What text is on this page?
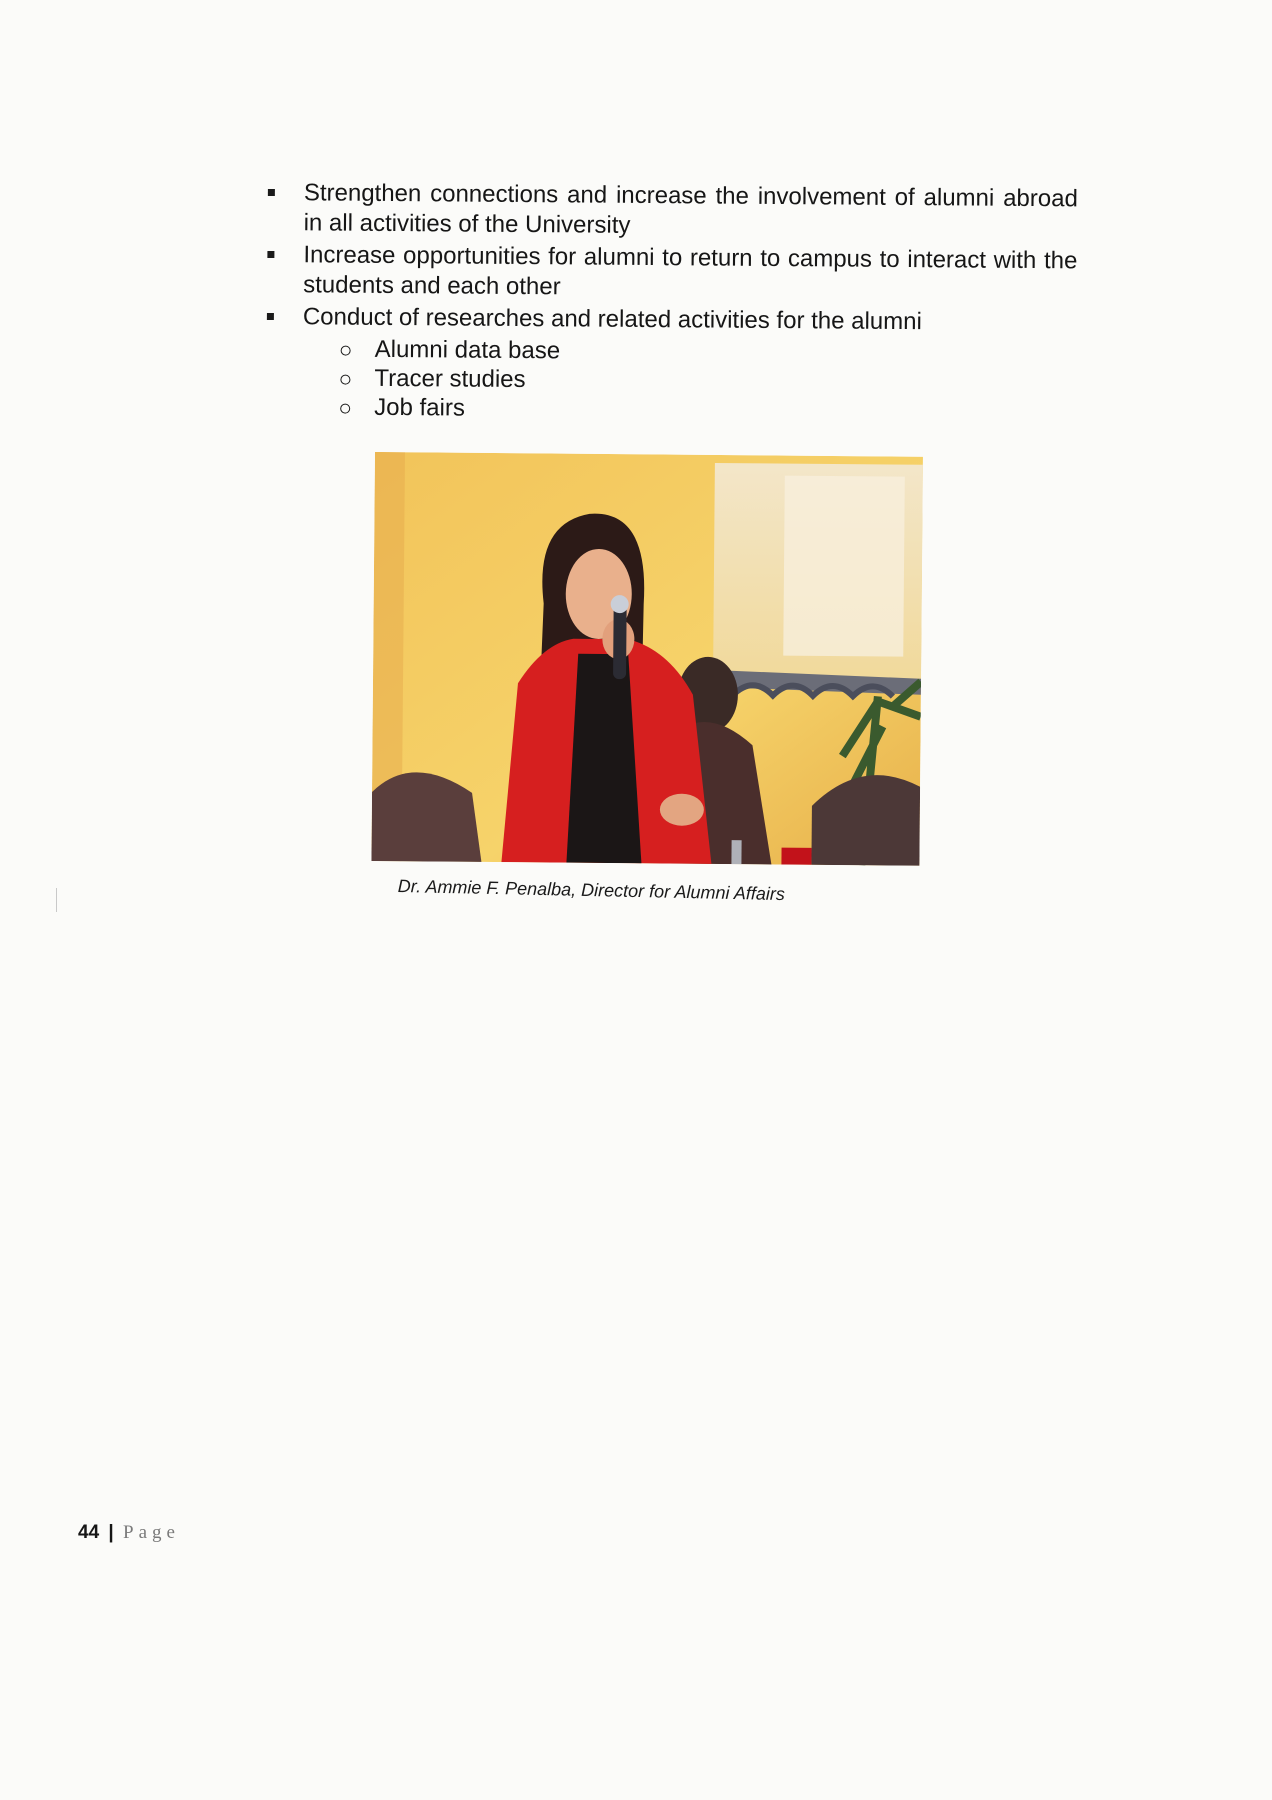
Strengthen connections and increase the involvement of alumni abroad in all activities of the University
Increase opportunities for alumni to return to campus to interact with the students and each other
Conduct of researches and related activities for the alumni
Alumni data base
Tracer studies
Job fairs
Dr. Ammie F. Penalba, Director for Alumni Affairs
44 | Page
